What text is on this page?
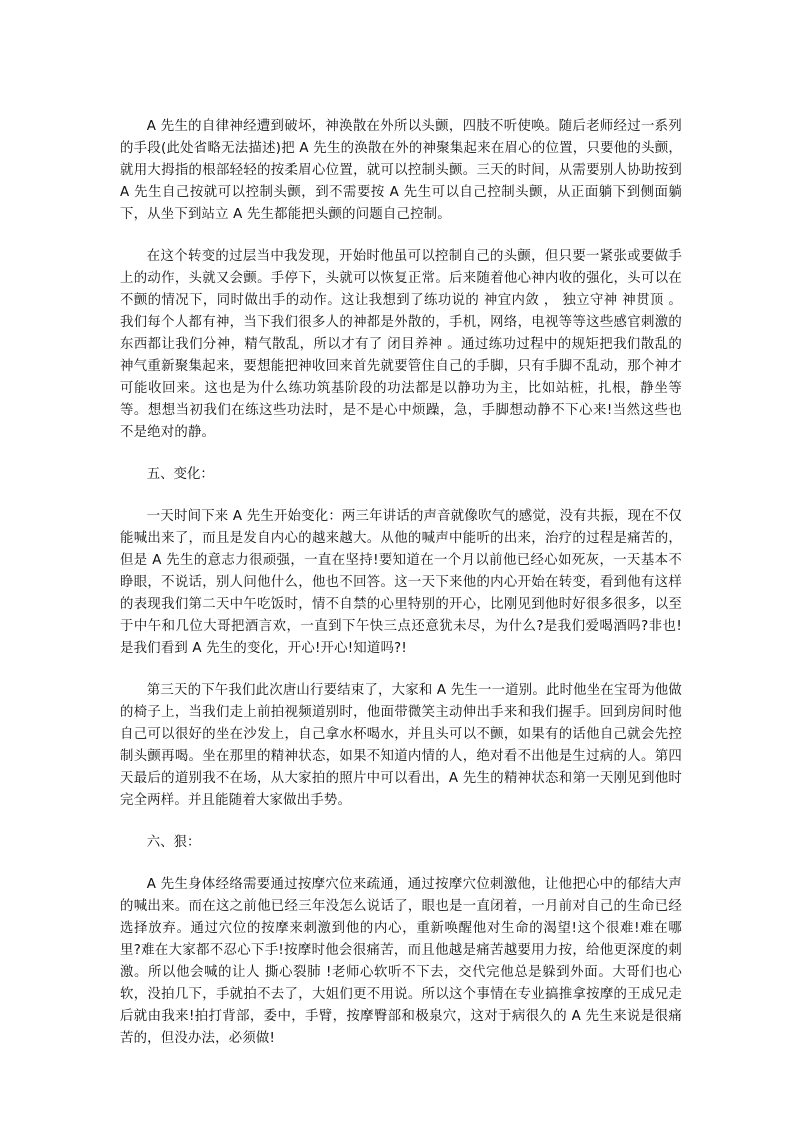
A 先生的自律神经遭到破坏，神涣散在外所以头颤，四肢不听使唤。随后老师经过一系列的手段(此处省略无法描述)把 A 先生的涣散在外的神聚集起来在眉心的位置，只要他的头颤，就用大拇指的根部轻轻的按柔眉心位置，就可以控制头颤。三天的时间，从需要别人协助按到 A 先生自己按就可以控制头颤，到不需要按 A 先生可以自己控制头颤，从正面躺下到侧面躺下，从坐下到站立 A 先生都能把头颤的问题自己控制。

在这个转变的过层当中我发现，开始时他虽可以控制自己的头颤，但只要一紧张或要做手上的动作，头就又会颤。手停下，头就可以恢复正常。后来随着他心神内收的强化，头可以在不颤的情况下，同时做出手的动作。这让我想到了练功说的 神宜内敛 ， 独立守神 神贯顶 。我们每个人都有神，当下我们很多人的神都是外散的，手机，网络，电视等等这些感官刺激的东西都让我们分神，精气散乱，所以才有了 闭目养神 。通过练功过程中的规矩把我们散乱的神气重新聚集起来，要想能把神收回来首先就要管住自己的手脚，只有手脚不乱动，那个神才可能收回来。这也是为什么练功筑基阶段的功法都是以静功为主，比如站桩，扎根，静坐等等。想想当初我们在练这些功法时，是不是心中烦躁，急，手脚想动静不下心来!当然这些也不是绝对的静。

五、变化：

一天时间下来 A 先生开始变化：两三年讲话的声音就像吹气的感觉，没有共振，现在不仅能喊出来了，而且是发自内心的越来越大。从他的喊声中能听的出来，治疗的过程是痛苦的，但是 A 先生的意志力很顽强，一直在坚持!要知道在一个月以前他已经心如死灰，一天基本不睁眼，不说话，别人问他什么，他也不回答。这一天下来他的内心开始在转变，看到他有这样的表现我们第二天中午吃饭时，情不自禁的心里特别的开心，比刚见到他时好很多很多，以至于中午和几位大哥把酒言欢，一直到下午快三点还意犹未尽，为什么?是我们爱喝酒吗?非也!是我们看到 A 先生的变化，开心!开心!知道吗?!

第三天的下午我们此次唐山行要结束了，大家和 A 先生一一道别。此时他坐在宝哥为他做的椅子上，当我们走上前拍视频道别时，他面带微笑主动伸出手来和我们握手。回到房间时他自己可以很好的坐在沙发上，自己拿水杯喝水，并且头可以不颤，如果有的话他自己就会先控制头颤再喝。坐在那里的精神状态，如果不知道内情的人，绝对看不出他是生过病的人。第四天最后的道别我不在场，从大家拍的照片中可以看出，A 先生的精神状态和第一天刚见到他时完全两样。并且能随着大家做出手势。

六、狠：

A 先生身体经络需要通过按摩穴位来疏通，通过按摩穴位刺激他，让他把心中的郁结大声的喊出来。而在这之前他已经三年没怎么说话了，眼也是一直闭着，一月前对自己的生命已经选择放弃。通过穴位的按摩来刺激到他的内心，重新唤醒他对生命的渴望!这个很难!难在哪里?难在大家都不忍心下手!按摩时他会很痛苦，而且他越是痛苦越要用力按，给他更深度的刺激。所以他会喊的让人 撕心裂肺 !老师心软听不下去，交代完他总是躲到外面。大哥们也心软，没拍几下，手就拍不去了，大姐们更不用说。所以这个事情在专业搞推拿按摩的王成兄走后就由我来!拍打背部，委中，手臂，按摩臀部和极泉穴，这对于病很久的 A 先生来说是很痛苦的，但没办法，必须做!
